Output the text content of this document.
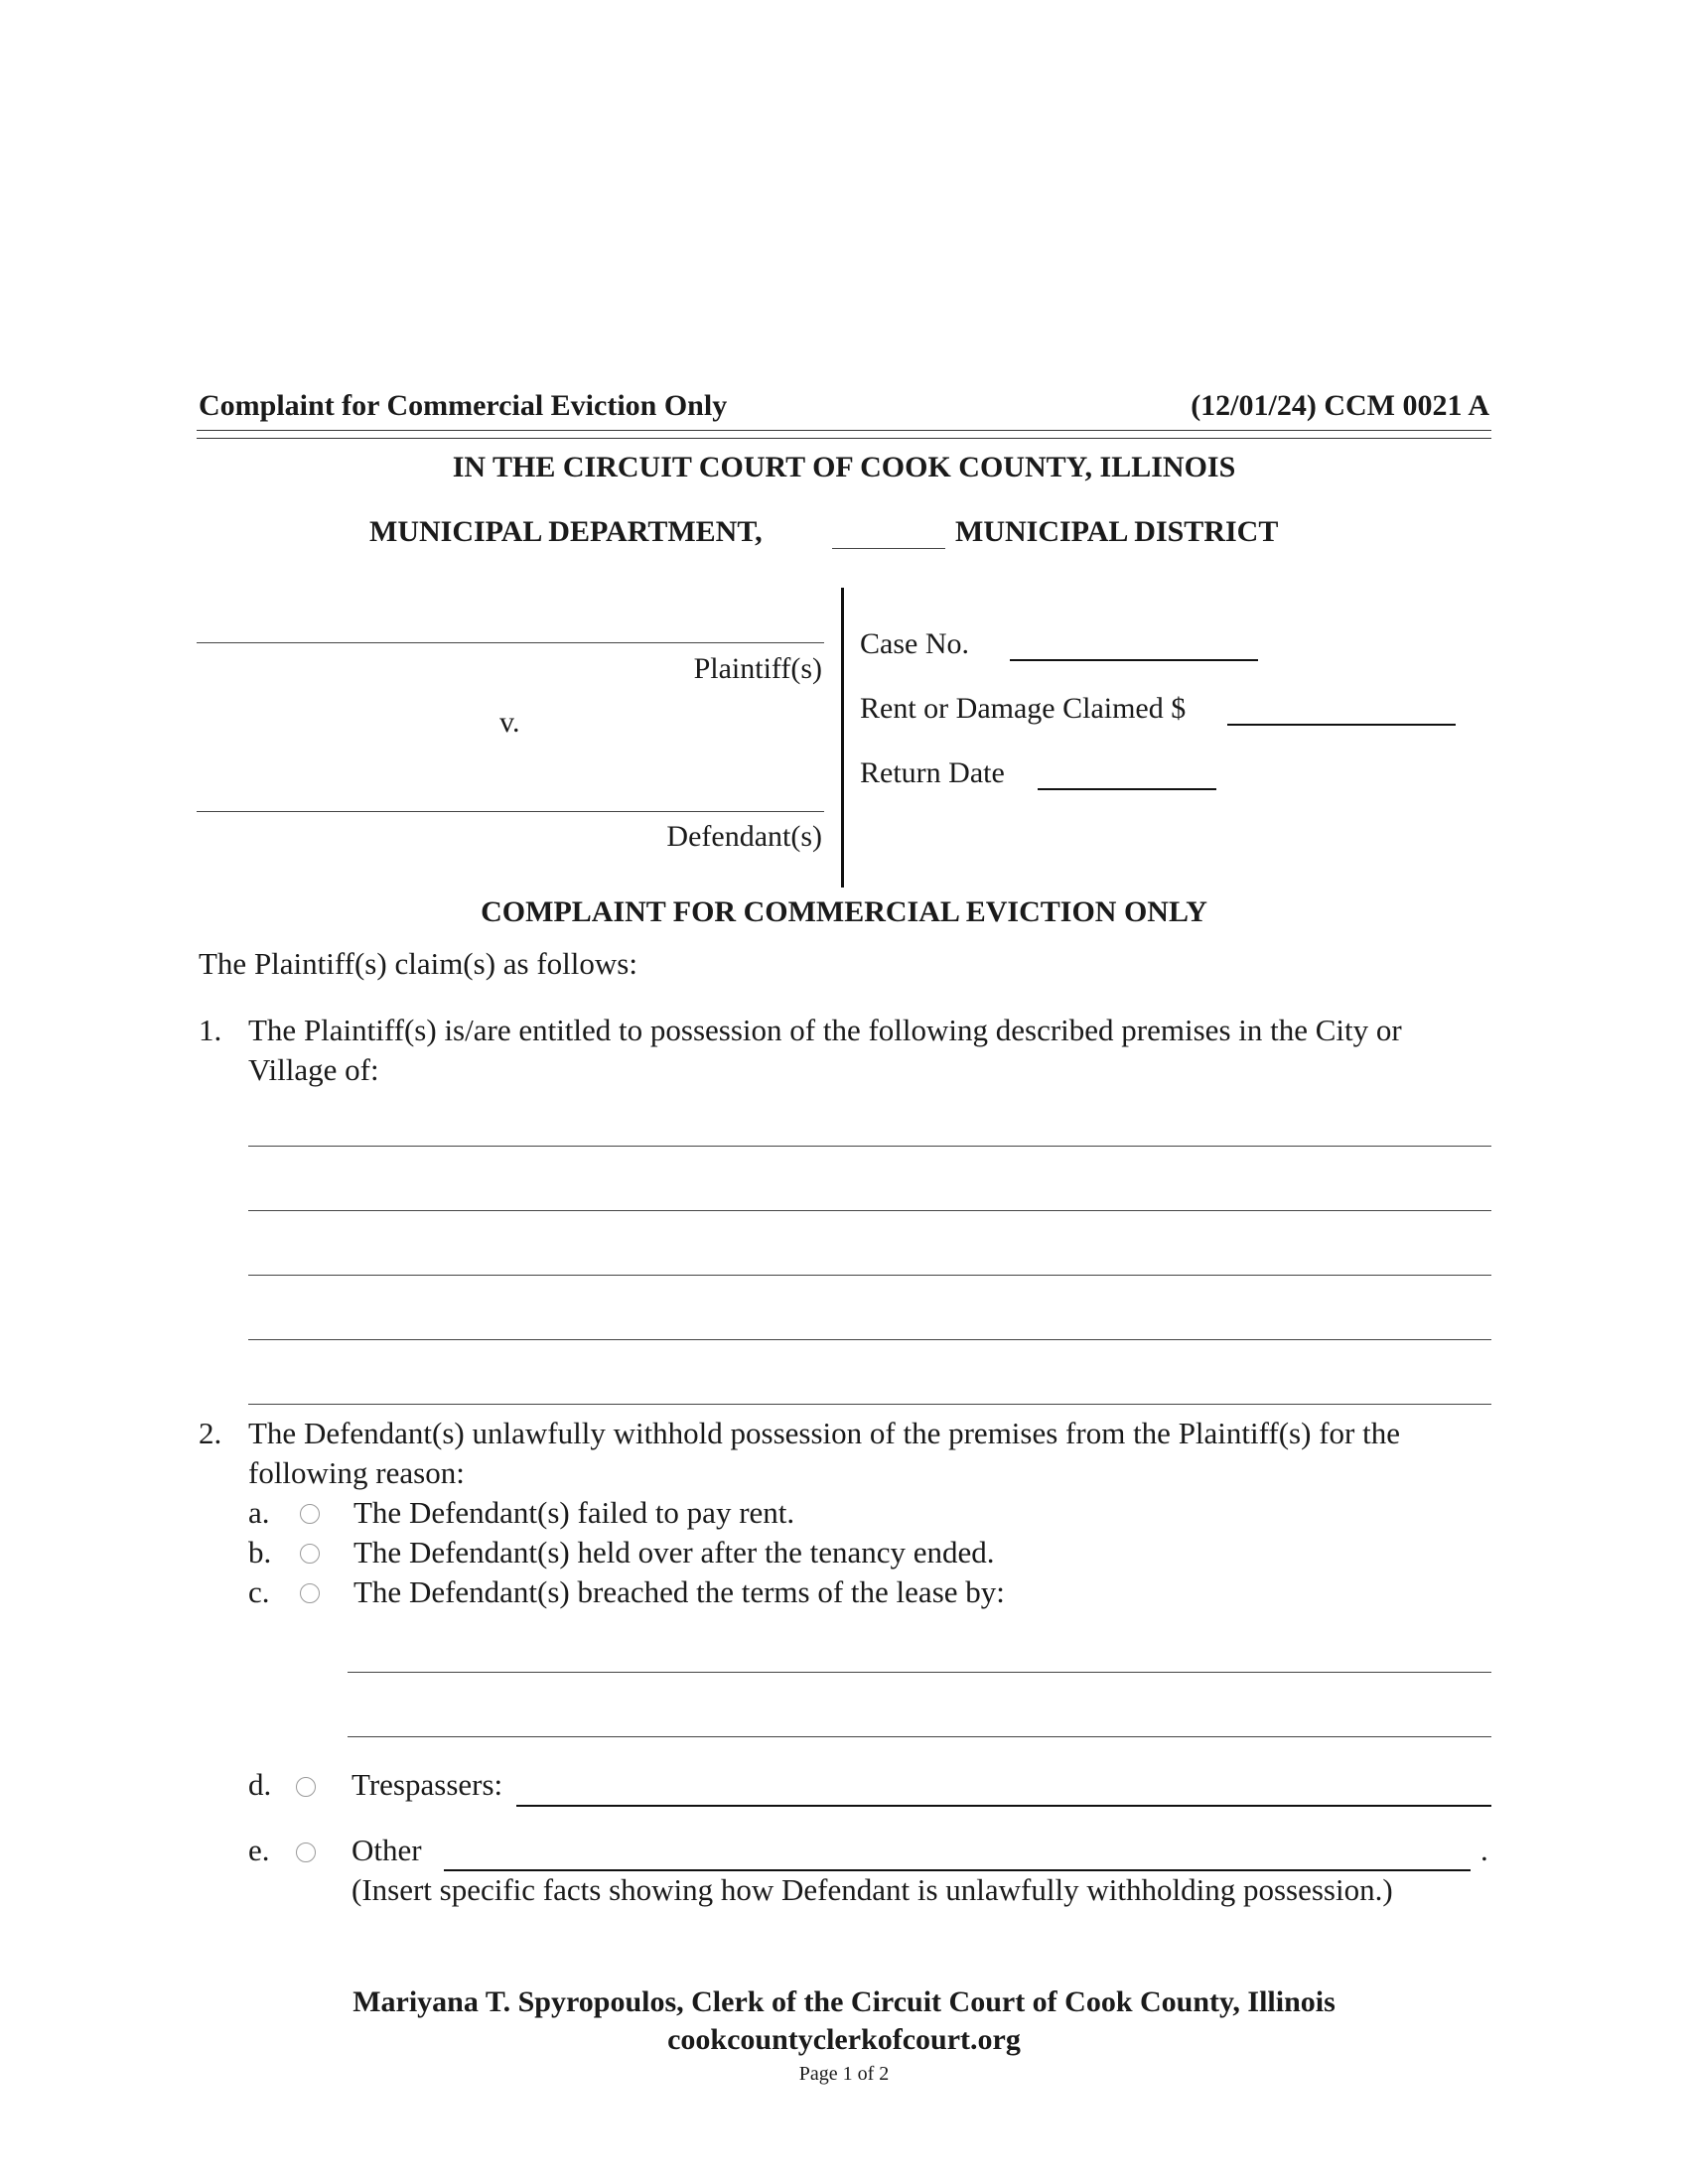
Complaint for Commercial Eviction Only	(12/01/24) CCM 0021 A
IN THE CIRCUIT COURT OF COOK COUNTY, ILLINOIS
MUNICIPAL DEPARTMENT,	MUNICIPAL DISTRICT
Plaintiff(s)
v.
Defendant(s)
Case No.
Rent or Damage Claimed $
Return Date
COMPLAINT FOR COMMERCIAL EVICTION ONLY
The Plaintiff(s) claim(s) as follows:
1. The Plaintiff(s) is/are entitled to possession of the following described premises in the City or
Village of:
2. The Defendant(s) unlawfully withhold possession of the premises from the Plaintiff(s) for the
following reason:
a.	The Defendant(s) failed to pay rent.
b.	The Defendant(s) held over after the tenancy ended.
c.	The Defendant(s) breached the terms of the lease by:
d.	Trespassers:
e.	Other	.
(Insert specific facts showing how Defendant is unlawfully withholding possession.)
Mariyana T. Spyropoulos, Clerk of the Circuit Court of Cook County, Illinois
cookcountyclerkofcourt.org
Page 1 of 2
